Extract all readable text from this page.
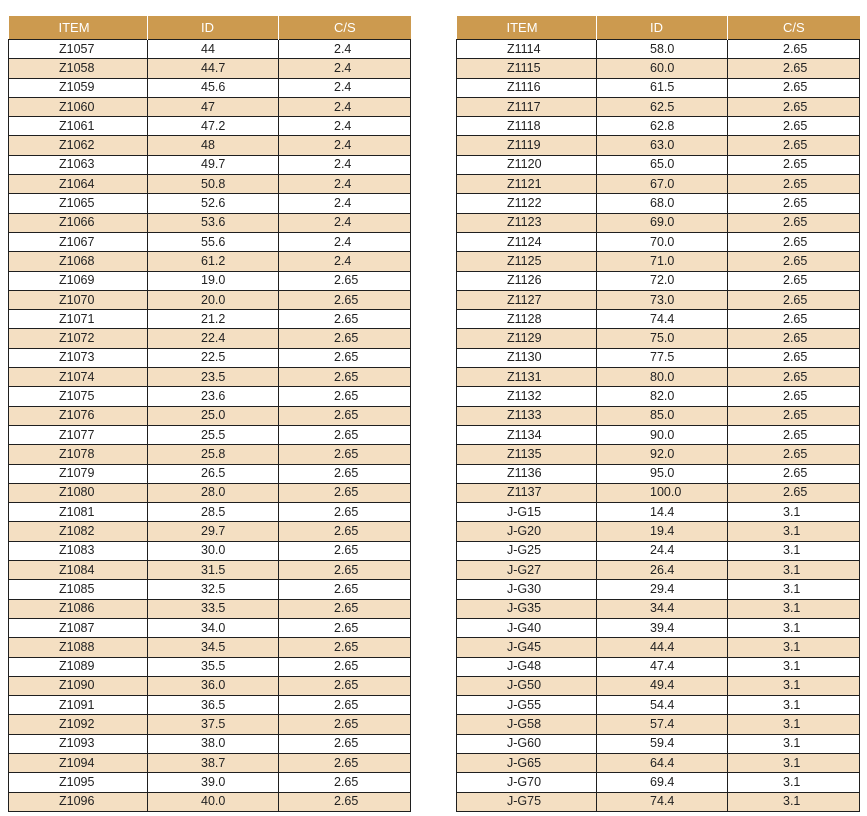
ITEM	ID	C/S
Z1057	44	2.4
Z1058	44.7	2.4
Z1059	45.6	2.4
Z1060	47	2.4
Z1061	47.2	2.4
Z1062	48	2.4
Z1063	49.7	2.4
Z1064	50.8	2.4
Z1065	52.6	2.4
Z1066	53.6	2.4
Z1067	55.6	2.4
Z1068	61.2	2.4
Z1069	19.0	2.65
Z1070	20.0	2.65
Z1071	21.2	2.65
Z1072	22.4	2.65
Z1073	22.5	2.65
Z1074	23.5	2.65
Z1075	23.6	2.65
Z1076	25.0	2.65
Z1077	25.5	2.65
Z1078	25.8	2.65
Z1079	26.5	2.65
Z1080	28.0	2.65
Z1081	28.5	2.65
Z1082	29.7	2.65
Z1083	30.0	2.65
Z1084	31.5	2.65
Z1085	32.5	2.65
Z1086	33.5	2.65
Z1087	34.0	2.65
Z1088	34.5	2.65
Z1089	35.5	2.65
Z1090	36.0	2.65
Z1091	36.5	2.65
Z1092	37.5	2.65
Z1093	38.0	2.65
Z1094	38.7	2.65
Z1095	39.0	2.65
Z1096	40.0	2.65
ITEM	ID	C/S
Z1114	58.0	2.65
Z1115	60.0	2.65
Z1116	61.5	2.65
Z1117	62.5	2.65
Z1118	62.8	2.65
Z1119	63.0	2.65
Z1120	65.0	2.65
Z1121	67.0	2.65
Z1122	68.0	2.65
Z1123	69.0	2.65
Z1124	70.0	2.65
Z1125	71.0	2.65
Z1126	72.0	2.65
Z1127	73.0	2.65
Z1128	74.4	2.65
Z1129	75.0	2.65
Z1130	77.5	2.65
Z1131	80.0	2.65
Z1132	82.0	2.65
Z1133	85.0	2.65
Z1134	90.0	2.65
Z1135	92.0	2.65
Z1136	95.0	2.65
Z1137	100.0	2.65
J-G15	14.4	3.1
J-G20	19.4	3.1
J-G25	24.4	3.1
J-G27	26.4	3.1
J-G30	29.4	3.1
J-G35	34.4	3.1
J-G40	39.4	3.1
J-G45	44.4	3.1
J-G48	47.4	3.1
J-G50	49.4	3.1
J-G55	54.4	3.1
J-G58	57.4	3.1
J-G60	59.4	3.1
J-G65	64.4	3.1
J-G70	69.4	3.1
J-G75	74.4	3.1
